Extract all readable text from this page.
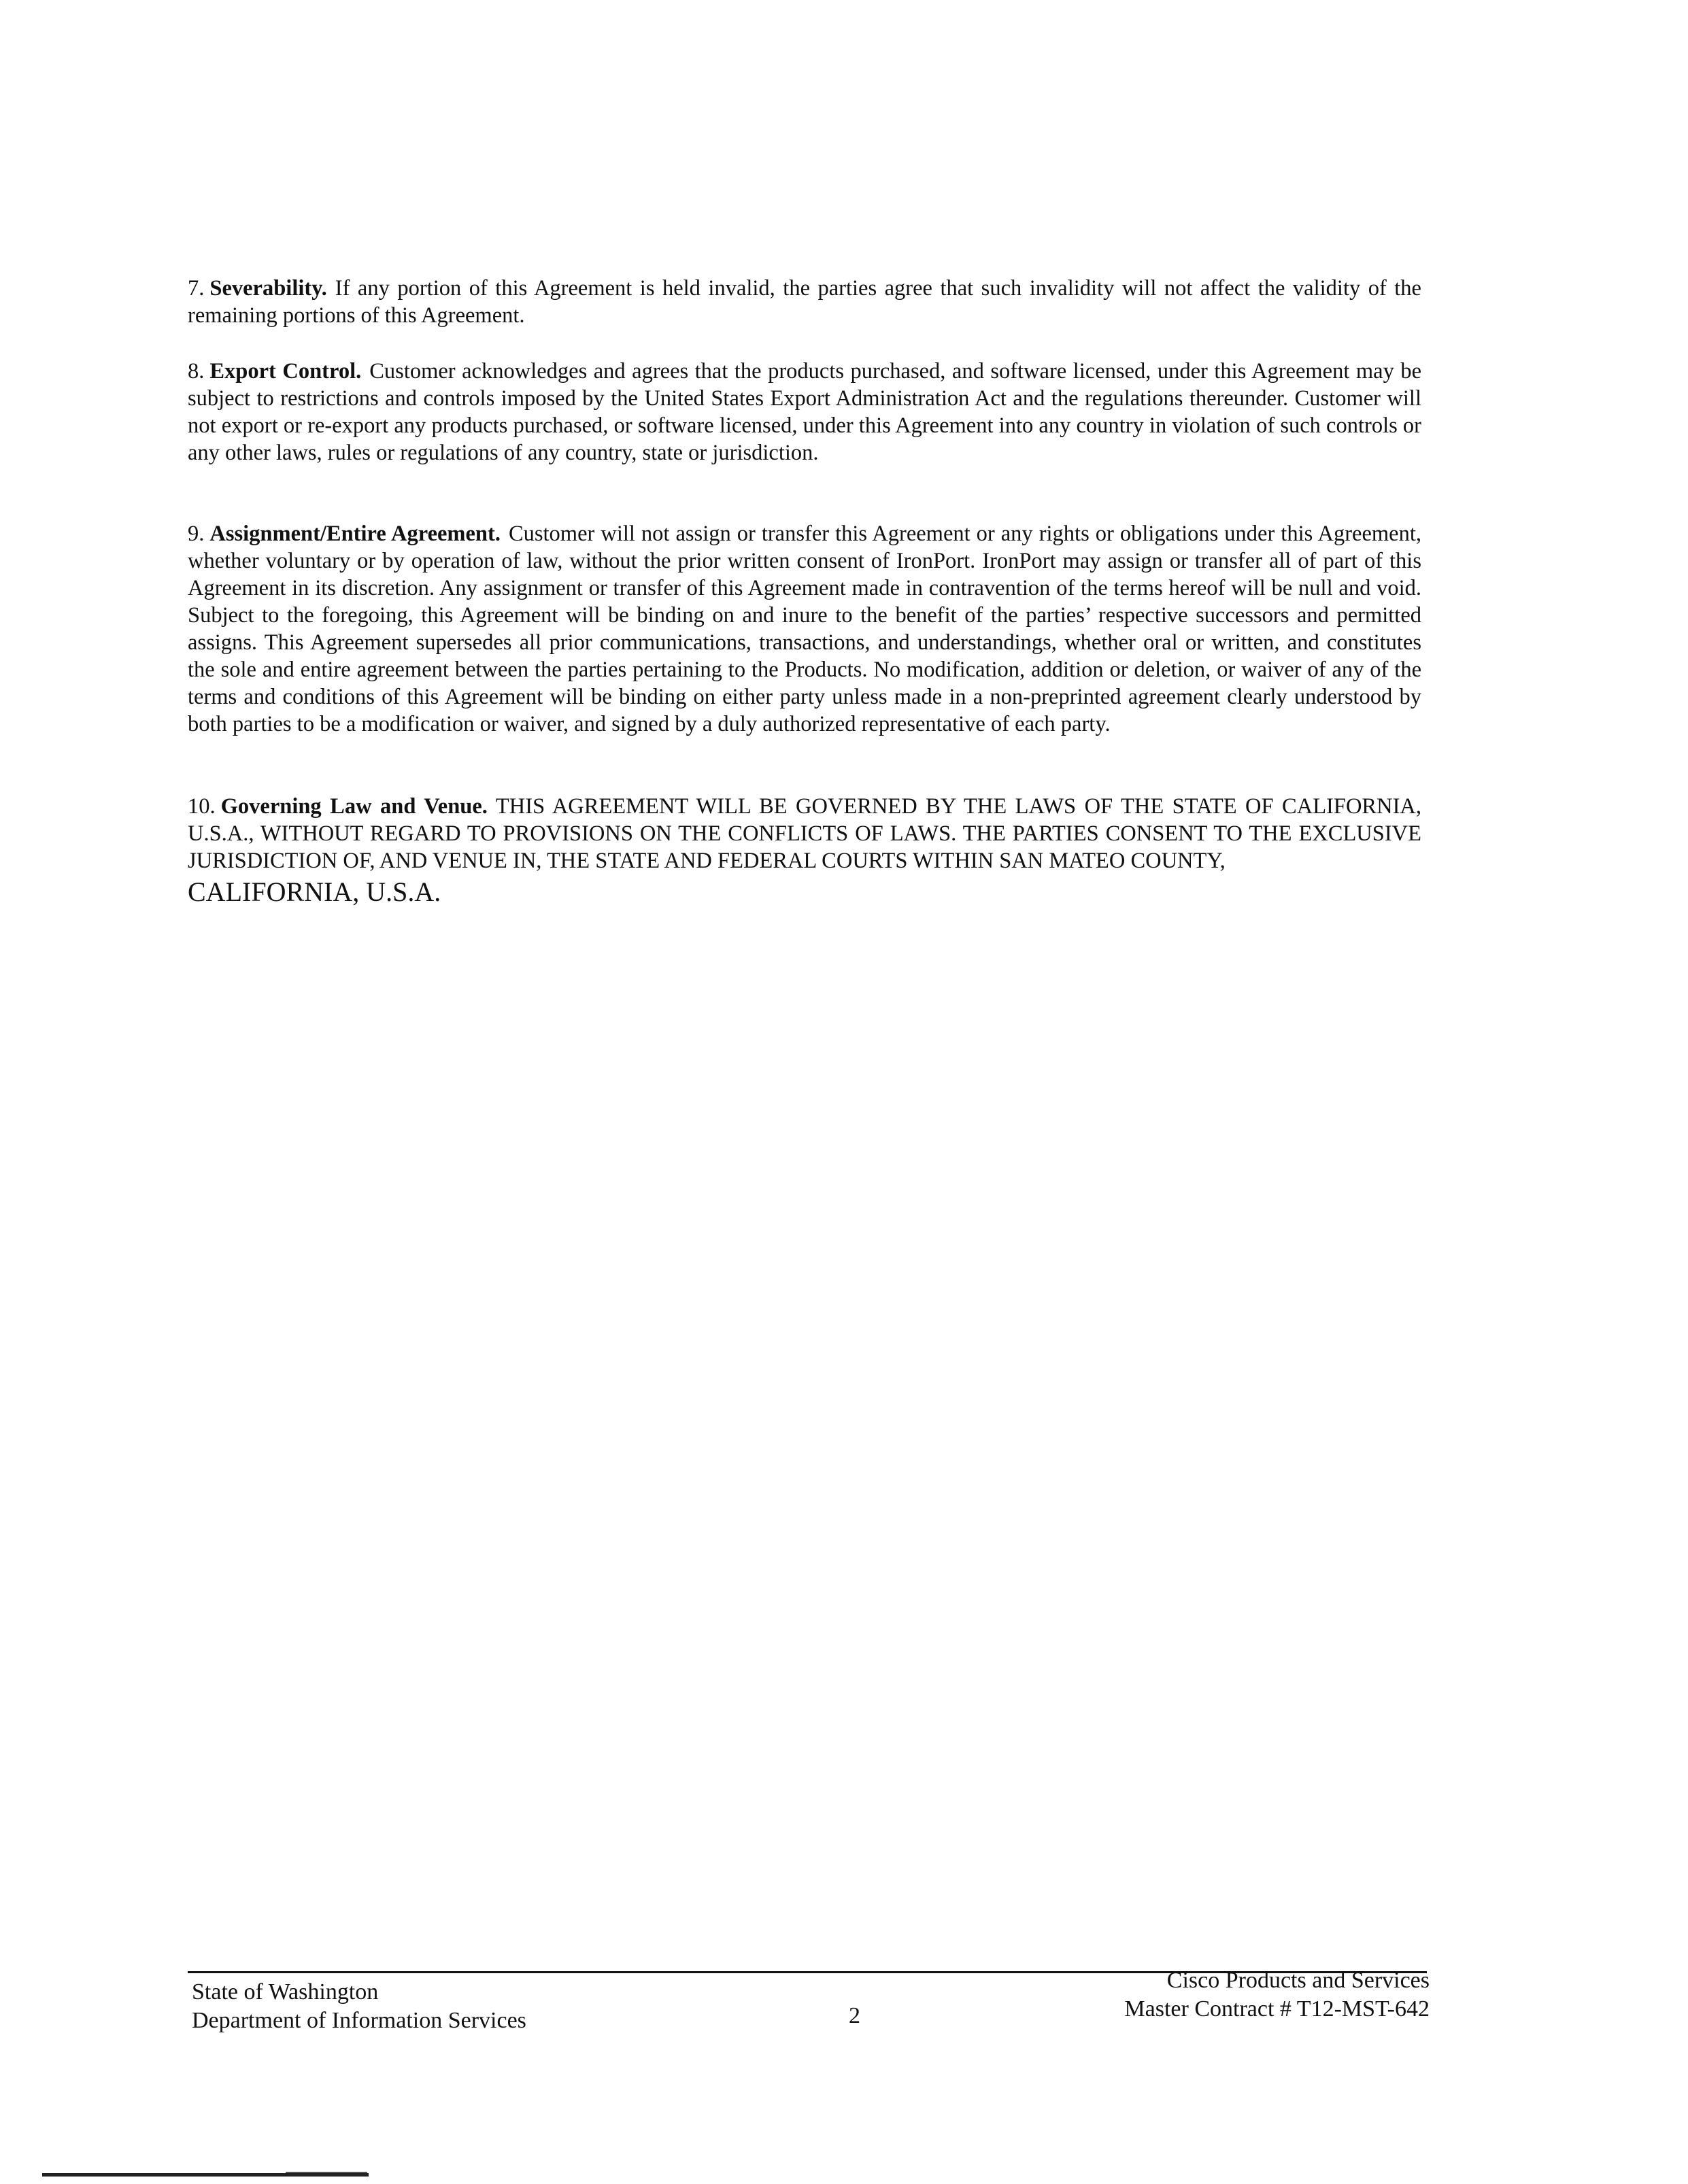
7. Severability. If any portion of this Agreement is held invalid, the parties agree that such invalidity will not affect the validity of the remaining portions of this Agreement.

8. Export Control. Customer acknowledges and agrees that the products purchased, and software licensed, under this Agreement may be subject to restrictions and controls imposed by the United States Export Administration Act and the regulations thereunder. Customer will not export or re-export any products purchased, or software licensed, under this Agreement into any country in violation of such controls or any other laws, rules or regulations of any country, state or jurisdiction.

9. Assignment/Entire Agreement. Customer will not assign or transfer this Agreement or any rights or obligations under this Agreement, whether voluntary or by operation of law, without the prior written consent of IronPort. IronPort may assign or transfer all of part of this Agreement in its discretion. Any assignment or transfer of this Agreement made in contravention of the terms hereof will be null and void. Subject to the foregoing, this Agreement will be binding on and inure to the benefit of the parties’ respective successors and permitted assigns. This Agreement supersedes all prior communications, transactions, and understandings, whether oral or written, and constitutes the sole and entire agreement between the parties pertaining to the Products. No modification, addition or deletion, or waiver of any of the terms and conditions of this Agreement will be binding on either party unless made in a non-preprinted agreement clearly understood by both parties to be a modification or waiver, and signed by a duly authorized representative of each party.

10. Governing Law and Venue. THIS AGREEMENT WILL BE GOVERNED BY THE LAWS OF THE STATE OF CALIFORNIA, U.S.A., WITHOUT REGARD TO PROVISIONS ON THE CONFLICTS OF LAWS. THE PARTIES CONSENT TO THE EXCLUSIVE JURISDICTION OF, AND VENUE IN, THE STATE AND FEDERAL COURTS WITHIN SAN MATEO COUNTY,

CALIFORNIA, U.S.A.
State of Washington
Department of Information Services	2
Cisco Products and Services
Master Contract # T12-MST-642
